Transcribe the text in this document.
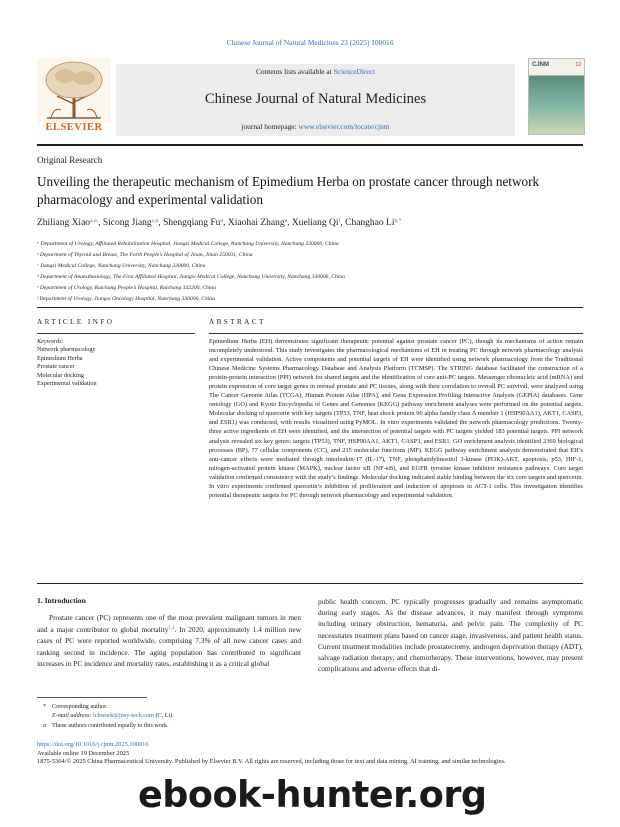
Chinese Journal of Natural Medicines 23 (2025) 100016
ELSEVIER
Contents lists available at ScienceDirect
Chinese Journal of Natural Medicines
journal homepage: www.elsevier.com/locate/cjnm
CJNM	12
Original Research
Unveiling the therapeutic mechanism of Epimedium Herba on prostate cancer through network pharmacology and experimental validation
Zhiliang Xiao$^{a,ɑ,}$, Sicong Jiang$^{c,ɑ}$, Shengqiang Fu$^d$, Xiaohai Zhang$^e$, Xueliang Qi$^f$, Changhao $Li^{b,*}$
ᵃ Department of Urology, Affiliated Rehabilitation Hospital, Jiangxi Medical College, Nanchang University, Nanchang 330000, China
ᵇ Department of Thyroid and Breast, The Forth People’s Hospital of Jinan, Jinan 250031, China
ᶜ Jiangxi Medical College, Nanchang University, Nanchang 330000, China
ᵈ Department of Anaesthesiology, The First Affiliated Hospital, Jiangxi Medical College, Nanchang University, Nanchang 330006, China
ᵉ Department of Urology, Ruichang People’s Hospital, Ruichang 332200, China
ᶠ Department of Urology, Jiangxi Oncology Hospital, Nanchang 330000, China
ARTICLE INFO	ABSTRACT
Keywords:
Network pharmacology
Epimedium Herba
Prostate cancer
Molecular docking
Experimental validation
Epimedium Herba (EH) demonstrates significant therapeutic potential against prostate cancer (PC), though its mechanisms of action remain incompletely understood. This study investigates the pharmacological mechanisms of EH in treating PC through network pharmacology analysis and experimental validation. Active components and potential targets of EH were identified using network pharmacology from the Traditional Chinese Medicine Systems Pharmacology Database and Analysis Platform (TCMSP). The STRING database facilitated the construction of a protein-protein interaction (PPI) network for shared targets and the identification of core anti-PC targets. Messenger ribonucleic acid (mRNA) and protein expression of core target genes in normal prostate and PC tissues, along with their correlation to overall PC survival, were analyzed using The Cancer Genome Atlas (TCGA), Human Protein Atlas (HPA), and Gene Expression Profiling Interactive Analysis (GEPIA) databases. Gene ontology (GO) and Kyoto Encyclopedia of Genes and Genomes (KEGG) pathway enrichment analyses were performed on the potential targets. Molecular docking of quercetin with key targets (TP53, TNF, heat shock protein 90 alpha family class A member 1 (HSP90AA1), AKT1, CASP3, and ESR1) was conducted, with results visualized using PyMOL. In vitro experiments validated the network pharmacology predictions. Twenty-three active ingredients of EH were identified, and the intersection of potential targets with PC targets yielded 183 potential targets. PPI network analysis revealed six key genes: targets (TP53), TNF, HSP90AA1, AKT1, CASP3, and ESR1. GO enrichment analysis identified 2369 biological processes (BP), 77 cellular components (CC), and 215 molecular functions (MF). KEGG pathway enrichment analysis demonstrated that EH’s anti-cancer effects were mediated through interleukin-17 (IL-17), TNF, phosphatidylinositol 3-kinase (PI3K)-AKT, apoptosis, p53, HIF-1, mitogen-activated protein kinase (MAPK), nuclear factor κB (NF-κB), and EGFR tyrosine kinase inhibitor resistance pathways. Core target validation confirmed consistency with the study’s findings. Molecular docking indicated stable binding between the six core targets and quercetin. In vitro experiments confirmed quercetin’s inhibition of proliferation and induction of apoptosis in ACT-1 cells. This investigation identifies potential therapeutic targets for PC through network pharmacology and experimental validation.
1. Introduction
Prostate cancer (PC) represents one of the most prevalent malignant tumors in men and a major contributor to global mortality$^{1,2}$. In 2020, approximately 1.4 million new cases of PC were reported worldwide, comprising 7.3% of all new cancer cases and ranking second in incidence. The aging population has contributed to significant increases in PC incidence and mortality rates, establishing it as a critical global
public health concern. PC typically progresses gradually and remains asymptomatic during early stages. As the disease advances, it may manifest through symptoms including urinary obstruction, hematuria, and pelvic pain. The complexity of PC necessitates treatment plans based on cancer stage, invasiveness, and patient health status. Current treatment modalities include prostatectomy, androgen deprivation therapy (ADT), salvage radiation therapy, and chemotherapy. These interventions, however, may present complications and adverse effects that di-
* Corresponding author.
E-mail address: lchwork@jnsy-tech.com (C. Li).
ɑ These authors contributed equally to this work.
https://doi.org/10.1016/j.cjnm.2025.100016
Available online 19 December 2025
1875-5364/© 2025 China Pharmaceutical University. Published by Elsevier B.V. All rights are reserved, including those for text and data mining, AI training, and similar technologies.
ebook-hunter.org
